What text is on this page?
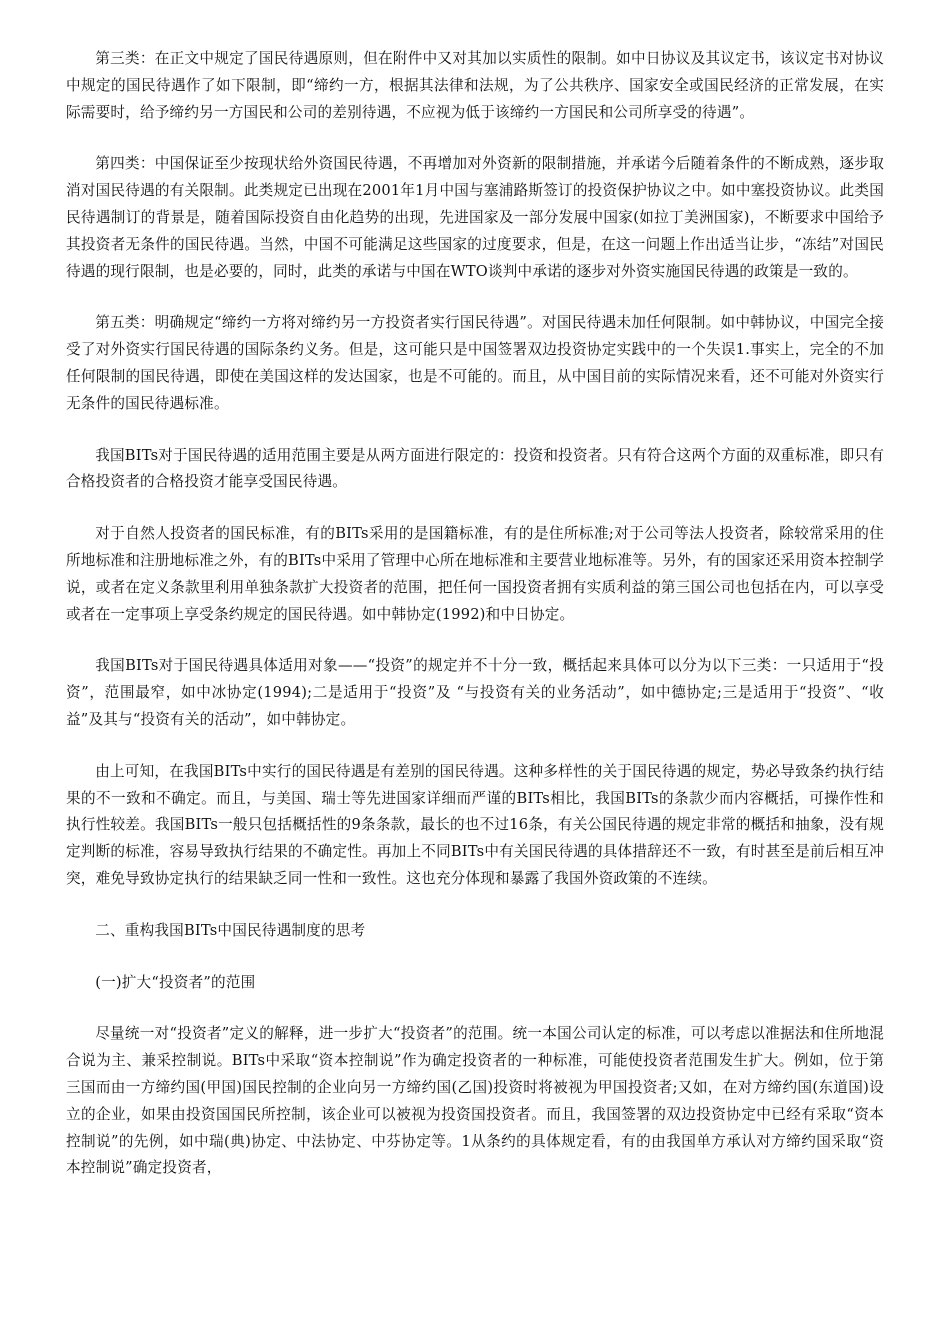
第三类：在正文中规定了国民待遇原则，但在附件中又对其加以实质性的限制。如中日协议及其议定书，该议定书对协议中规定的国民待遇作了如下限制，即“缔约一方，根据其法律和法规，为了公共秩序、国家安全或国民经济的正常发展，在实际需要时，给予缔约另一方国民和公司的差别待遇，不应视为低于该缔约一方国民和公司所享受的待遇”。

第四类：中国保证至少按现状给外资国民待遇，不再增加对外资新的限制措施，并承诺今后随着条件的不断成熟，逐步取消对国民待遇的有关限制。此类规定已出现在2001年1月中国与塞浦路斯签订的投资保护协议之中。如中塞投资协议。此类国民待遇制订的背景是，随着国际投资自由化趋势的出现，先进国家及一部分发展中国家(如拉丁美洲国家)，不断要求中国给予其投资者无条件的国民待遇。当然，中国不可能满足这些国家的过度要求，但是，在这一问题上作出适当让步，“冻结”对国民待遇的现行限制，也是必要的，同时，此类的承诺与中国在WTO谈判中承诺的逐步对外资实施国民待遇的政策是一致的。

第五类：明确规定“缔约一方将对缔约另一方投资者实行国民待遇”。对国民待遇未加任何限制。如中韩协议，中国完全接受了对外资实行国民待遇的国际条约义务。但是，这可能只是中国签署双边投资协定实践中的一个失误1.事实上，完全的不加任何限制的国民待遇，即使在美国这样的发达国家，也是不可能的。而且，从中国目前的实际情况来看，还不可能对外资实行无条件的国民待遇标准。

我国BITs对于国民待遇的适用范围主要是从两方面进行限定的：投资和投资者。只有符合这两个方面的双重标准，即只有合格投资者的合格投资才能享受国民待遇。

对于自然人投资者的国民标准，有的BITs采用的是国籍标准，有的是住所标准;对于公司等法人投资者，除较常采用的住所地标准和注册地标准之外，有的BITs中采用了管理中心所在地标准和主要营业地标准等。另外，有的国家还采用资本控制学说，或者在定义条款里利用单独条款扩大投资者的范围，把任何一国投资者拥有实质利益的第三国公司也包括在内，可以享受或者在一定事项上享受条约规定的国民待遇。如中韩协定(1992)和中日协定。

我国BITs对于国民待遇具体适用对象——“投资”的规定并不十分一致，概括起来具体可以分为以下三类：一只适用于“投资”，范围最窄，如中冰协定(1994);二是适用于“投资”及 “与投资有关的业务活动”，如中德协定;三是适用于“投资”、“收益”及其与“投资有关的活动”，如中韩协定。

由上可知，在我国BITs中实行的国民待遇是有差别的国民待遇。这种多样性的关于国民待遇的规定，势必导致条约执行结果的不一致和不确定。而且，与美国、瑞士等先进国家详细而严谨的BITs相比，我国BITs的条款少而内容概括，可操作性和执行性较差。我国BITs一般只包括概括性的9条条款，最长的也不过16条，有关公国民待遇的规定非常的概括和抽象，没有规定判断的标准，容易导致执行结果的不确定性。再加上不同BITs中有关国民待遇的具体措辞还不一致，有时甚至是前后相互冲突，难免导致协定执行的结果缺乏同一性和一致性。这也充分体现和暴露了我国外资政策的不连续。

二、重构我国BITs中国民待遇制度的思考

(一)扩大“投资者”的范围

尽量统一对“投资者”定义的解释，进一步扩大“投资者”的范围。统一本国公司认定的标准，可以考虑以准据法和住所地混合说为主、兼采控制说。BITs中采取“资本控制说”作为确定投资者的一种标准，可能使投资者范围发生扩大。例如，位于第三国而由一方缔约国(甲国)国民控制的企业向另一方缔约国(乙国)投资时将被视为甲国投资者;又如，在对方缔约国(东道国)设立的企业，如果由投资国国民所控制，该企业可以被视为投资国投资者。而且，我国签署的双边投资协定中已经有采取“资本控制说”的先例，如中瑞(典)协定、中法协定、中芬协定等。1从条约的具体规定看，有的由我国单方承认对方缔约国采取“资本控制说”确定投资者，
